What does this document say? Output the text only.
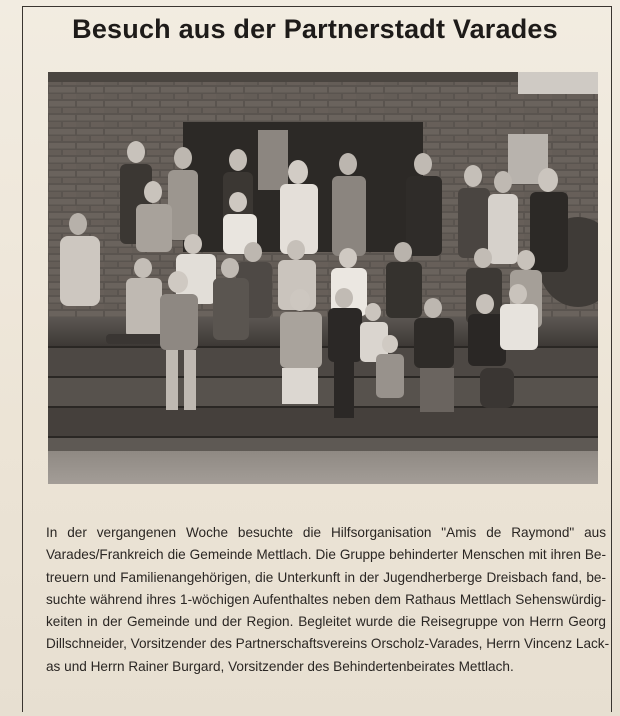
Besuch aus der Partnerstadt Varades
In der vergangenen Woche besuchte die Hilfsorganisation "Amis de Raymond" aus
Varades/Frankreich die Gemeinde Mettlach. Die Gruppe behinderter Menschen mit ihren Be-
treuern und Familienangehörigen, die Unterkunft in der Jugendherberge Dreisbach fand, be-
suchte während ihres 1-wöchigen Aufenthaltes neben dem Rathaus Mettlach Sehenswürdig-
keiten in der Gemeinde und der Region. Begleitet wurde die Reisegruppe von Herrn Georg
Dillschneider, Vorsitzender des Partnerschaftsvereins Orscholz-Varades, Herrn Vincenz Lack-
as und Herrn Rainer Burgard, Vorsitzender des Behindertenbeirates Mettlach.
